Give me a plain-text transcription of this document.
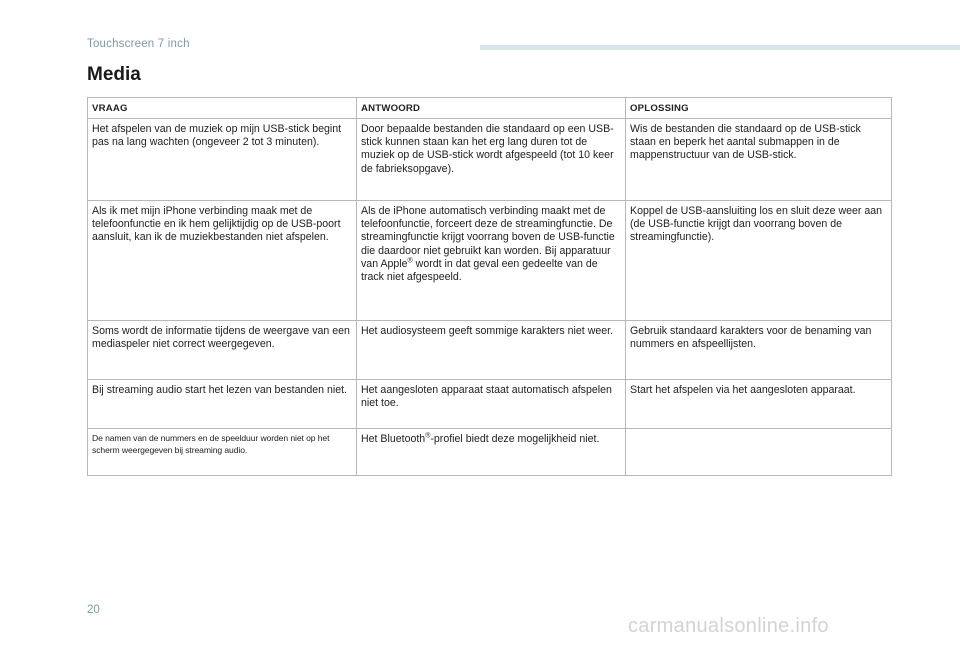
Touchscreen 7 inch
Media
VRAAG	ANTWOORD	OPLOSSING
Het afspelen van de muziek op mijn USB-stick begint pas na lang wachten (ongeveer 2 tot 3 minuten).	Door bepaalde bestanden die standaard op een USB-stick kunnen staan kan het erg lang duren tot de muziek op de USB-stick wordt afgespeeld (tot 10 keer de fabrieksopgave).	Wis de bestanden die standaard op de USB-stick staan en beperk het aantal submappen in de mappenstructuur van de USB-stick.
Als ik met mijn iPhone verbinding maak met de telefoonfunctie en ik hem gelijktijdig op de USB-poort aansluit, kan ik de muziekbestanden niet afspelen.	Als de iPhone automatisch verbinding maakt met de telefoonfunctie, forceert deze de streamingfunctie. De streamingfunctie krijgt voorrang boven de USB-functie die daardoor niet gebruikt kan worden. Bij apparatuur van Apple® wordt in dat geval een gedeelte van de track niet afgespeeld.	Koppel de USB-aansluiting los en sluit deze weer aan (de USB-functie krijgt dan voorrang boven de streamingfunctie).
Soms wordt de informatie tijdens de weergave van een mediaspeler niet correct weergegeven.	Het audiosysteem geeft sommige karakters niet weer.	Gebruik standaard karakters voor de benaming van nummers en afspeellijsten.
Bij streaming audio start het lezen van bestanden niet.	Het aangesloten apparaat staat automatisch afspelen niet toe.	Start het afspelen via het aangesloten apparaat.
De namen van de nummers en de speelduur worden niet op het scherm weergegeven bij streaming audio.	Het Bluetooth®-profiel biedt deze mogelijkheid niet.	
20
carmanualsonline.info
